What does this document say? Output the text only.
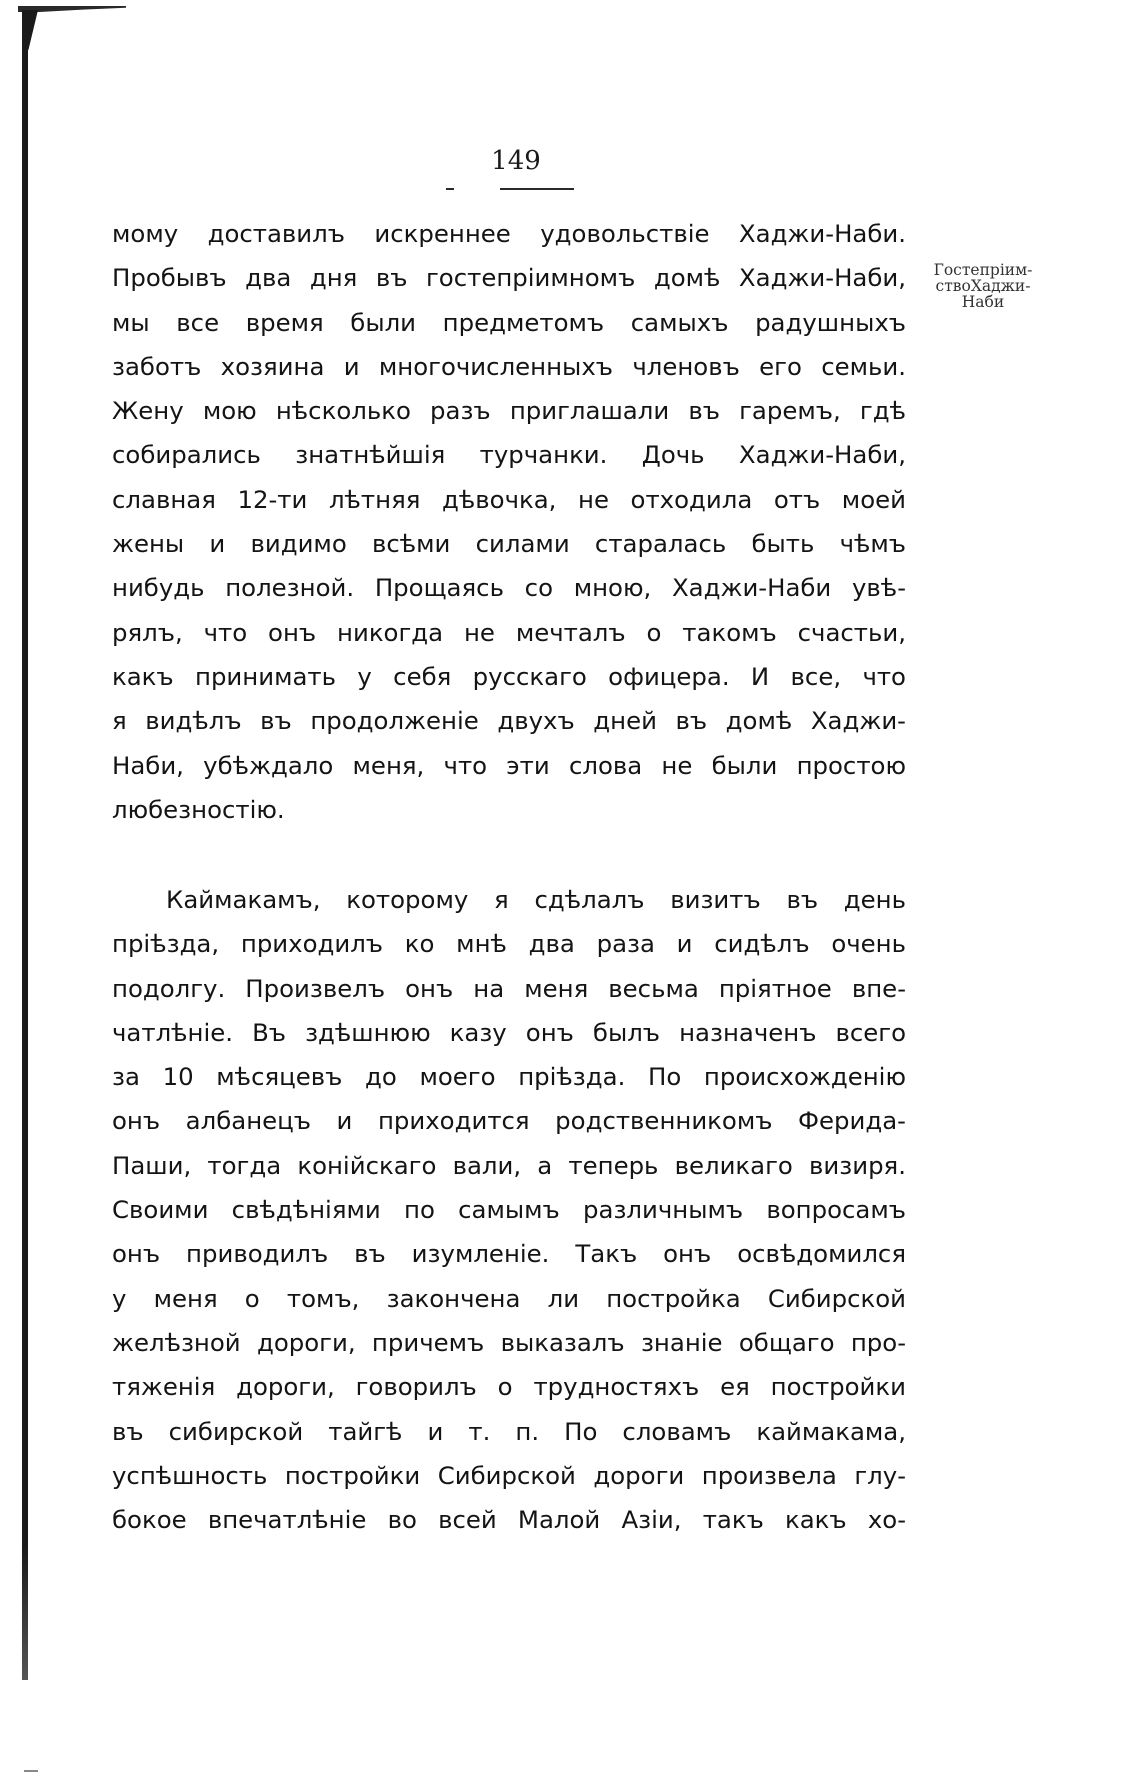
149
Гостепріим-
ствоХаджи-
Наби
мому доставилъ искреннее удовольствіе Хаджи-Наби.
Пробывъ два дня въ гостепріимномъ домѣ Хаджи-Наби,
мы все время были предметомъ самыхъ радушныхъ
заботъ хозяина и многочисленныхъ членовъ его семьи.
Жену мою нѣсколько разъ приглашали въ гаремъ, гдѣ
собирались знатнѣйшія турчанки. Дочь Хаджи-Наби,
славная 12-ти лѣтняя дѣвочка, не отходила отъ моей
жены и видимо всѣми силами старалась быть чѣмъ
нибудь полезной. Прощаясь со мною, Хаджи-Наби увѣ-
рялъ, что онъ никогда не мечталъ о такомъ счастьи,
какъ принимать у себя русскаго офицера. И все, что
я видѣлъ въ продолженіе двухъ дней въ домѣ Хаджи-
Наби, убѣждало меня, что эти слова не были простою
любезностію.
Каймакамъ, которому я сдѣлалъ визитъ въ день
пріѣзда, приходилъ ко мнѣ два раза и сидѣлъ очень
подолгу. Произвелъ онъ на меня весьма пріятное впе-
чатлѣніе. Въ здѣшнюю казу онъ былъ назначенъ всего
за 10 мѣсяцевъ до моего пріѣзда. По происхожденію
онъ албанецъ и приходится родственникомъ Ферида-
Паши, тогда конійскаго вали, а теперь великаго визиря.
Своими свѣдѣніями по самымъ различнымъ вопросамъ
онъ приводилъ въ изумленіе. Такъ онъ освѣдомился
у меня о томъ, закончена ли постройка Сибирской
желѣзной дороги, причемъ выказалъ знаніе общаго про-
тяженія дороги, говорилъ о трудностяхъ ея постройки
въ сибирской тайгѣ и т. п. По словамъ каймакама,
успѣшность постройки Сибирской дороги произвела глу-
бокое впечатлѣніе во всей Малой Азіи, такъ какъ хо-
